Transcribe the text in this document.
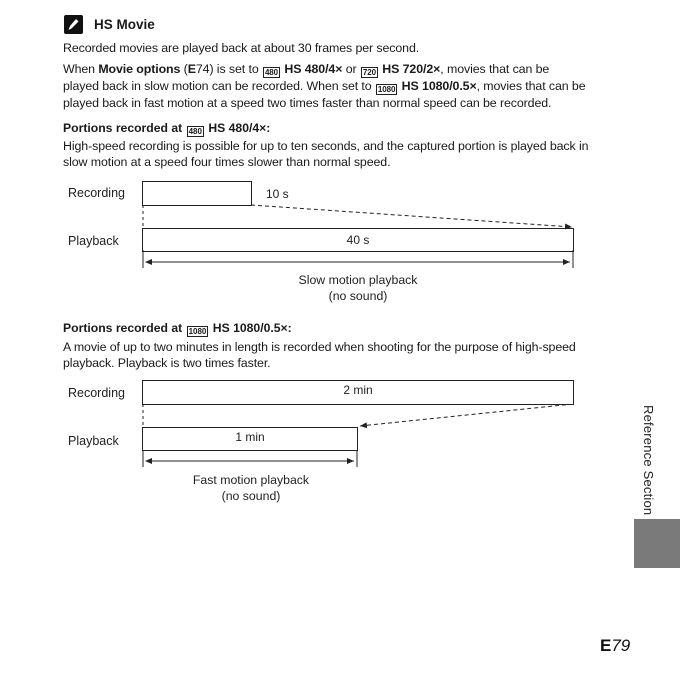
HS Movie
Recorded movies are played back at about 30 frames per second.
When Movie options (E74) is set to 480 HS 480/4× or 720 HS 720/2×, movies that can be
played back in slow motion can be recorded. When set to 1080 HS 1080/0.5×, movies that can be
played back in fast motion at a speed two times faster than normal speed can be recorded.
Portions recorded at 480 HS 480/4×:
High-speed recording is possible for up to ten seconds, and the captured portion is played back in
slow motion at a speed four times slower than normal speed.
Recording	10 s
Playback	40 s
Slow motion playback
(no sound)
Portions recorded at 1080 HS 1080/0.5×:
A movie of up to two minutes in length is recorded when shooting for the purpose of high-speed
playback. Playback is two times faster.
Recording	2 min
Playback	1 min
Fast motion playback
(no sound)	Reference Section
E79
